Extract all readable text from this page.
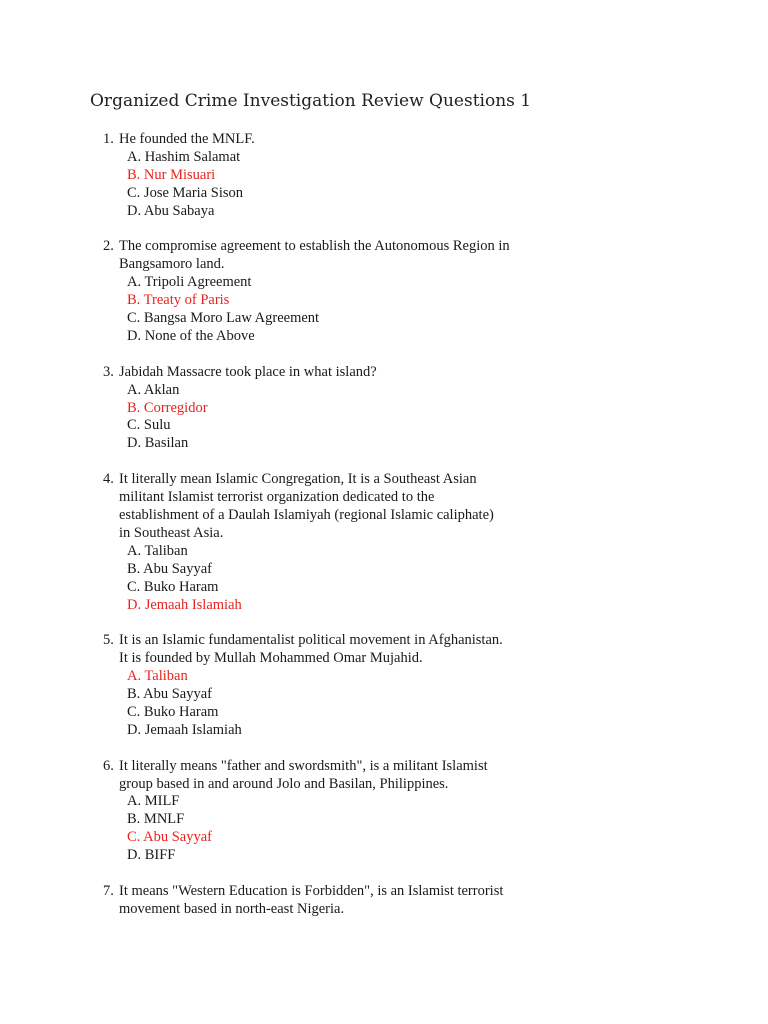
Organized Crime Investigation Review Questions 1
1. He founded the MNLF.
A. Hashim Salamat
B. Nur Misuari
C. Jose Maria Sison
D. Abu Sabaya
2. The compromise agreement to establish the Autonomous Region in
Bangsamoro land.
A. Tripoli Agreement
B. Treaty of Paris
C. Bangsa Moro Law Agreement
D. None of the Above
3. Jabidah Massacre took place in what island?
A. Aklan
B. Corregidor
C. Sulu
D. Basilan
4. It literally mean Islamic Congregation, It is a Southeast Asian
militant Islamist terrorist organization dedicated to the
establishment of a Daulah Islamiyah (regional Islamic caliphate)
in Southeast Asia.
A. Taliban
B. Abu Sayyaf
C. Buko Haram
D. Jemaah Islamiah
5. It is an Islamic fundamentalist political movement in Afghanistan.
It is founded by Mullah Mohammed Omar Mujahid.
A. Taliban
B. Abu Sayyaf
C. Buko Haram
D. Jemaah Islamiah
6. It literally means "father and swordsmith", is a militant Islamist
group based in and around Jolo and Basilan, Philippines.
A. MILF
B. MNLF
C. Abu Sayyaf
D. BIFF
7. It means "Western Education is Forbidden", is an Islamist terrorist
movement based in north-east Nigeria.
